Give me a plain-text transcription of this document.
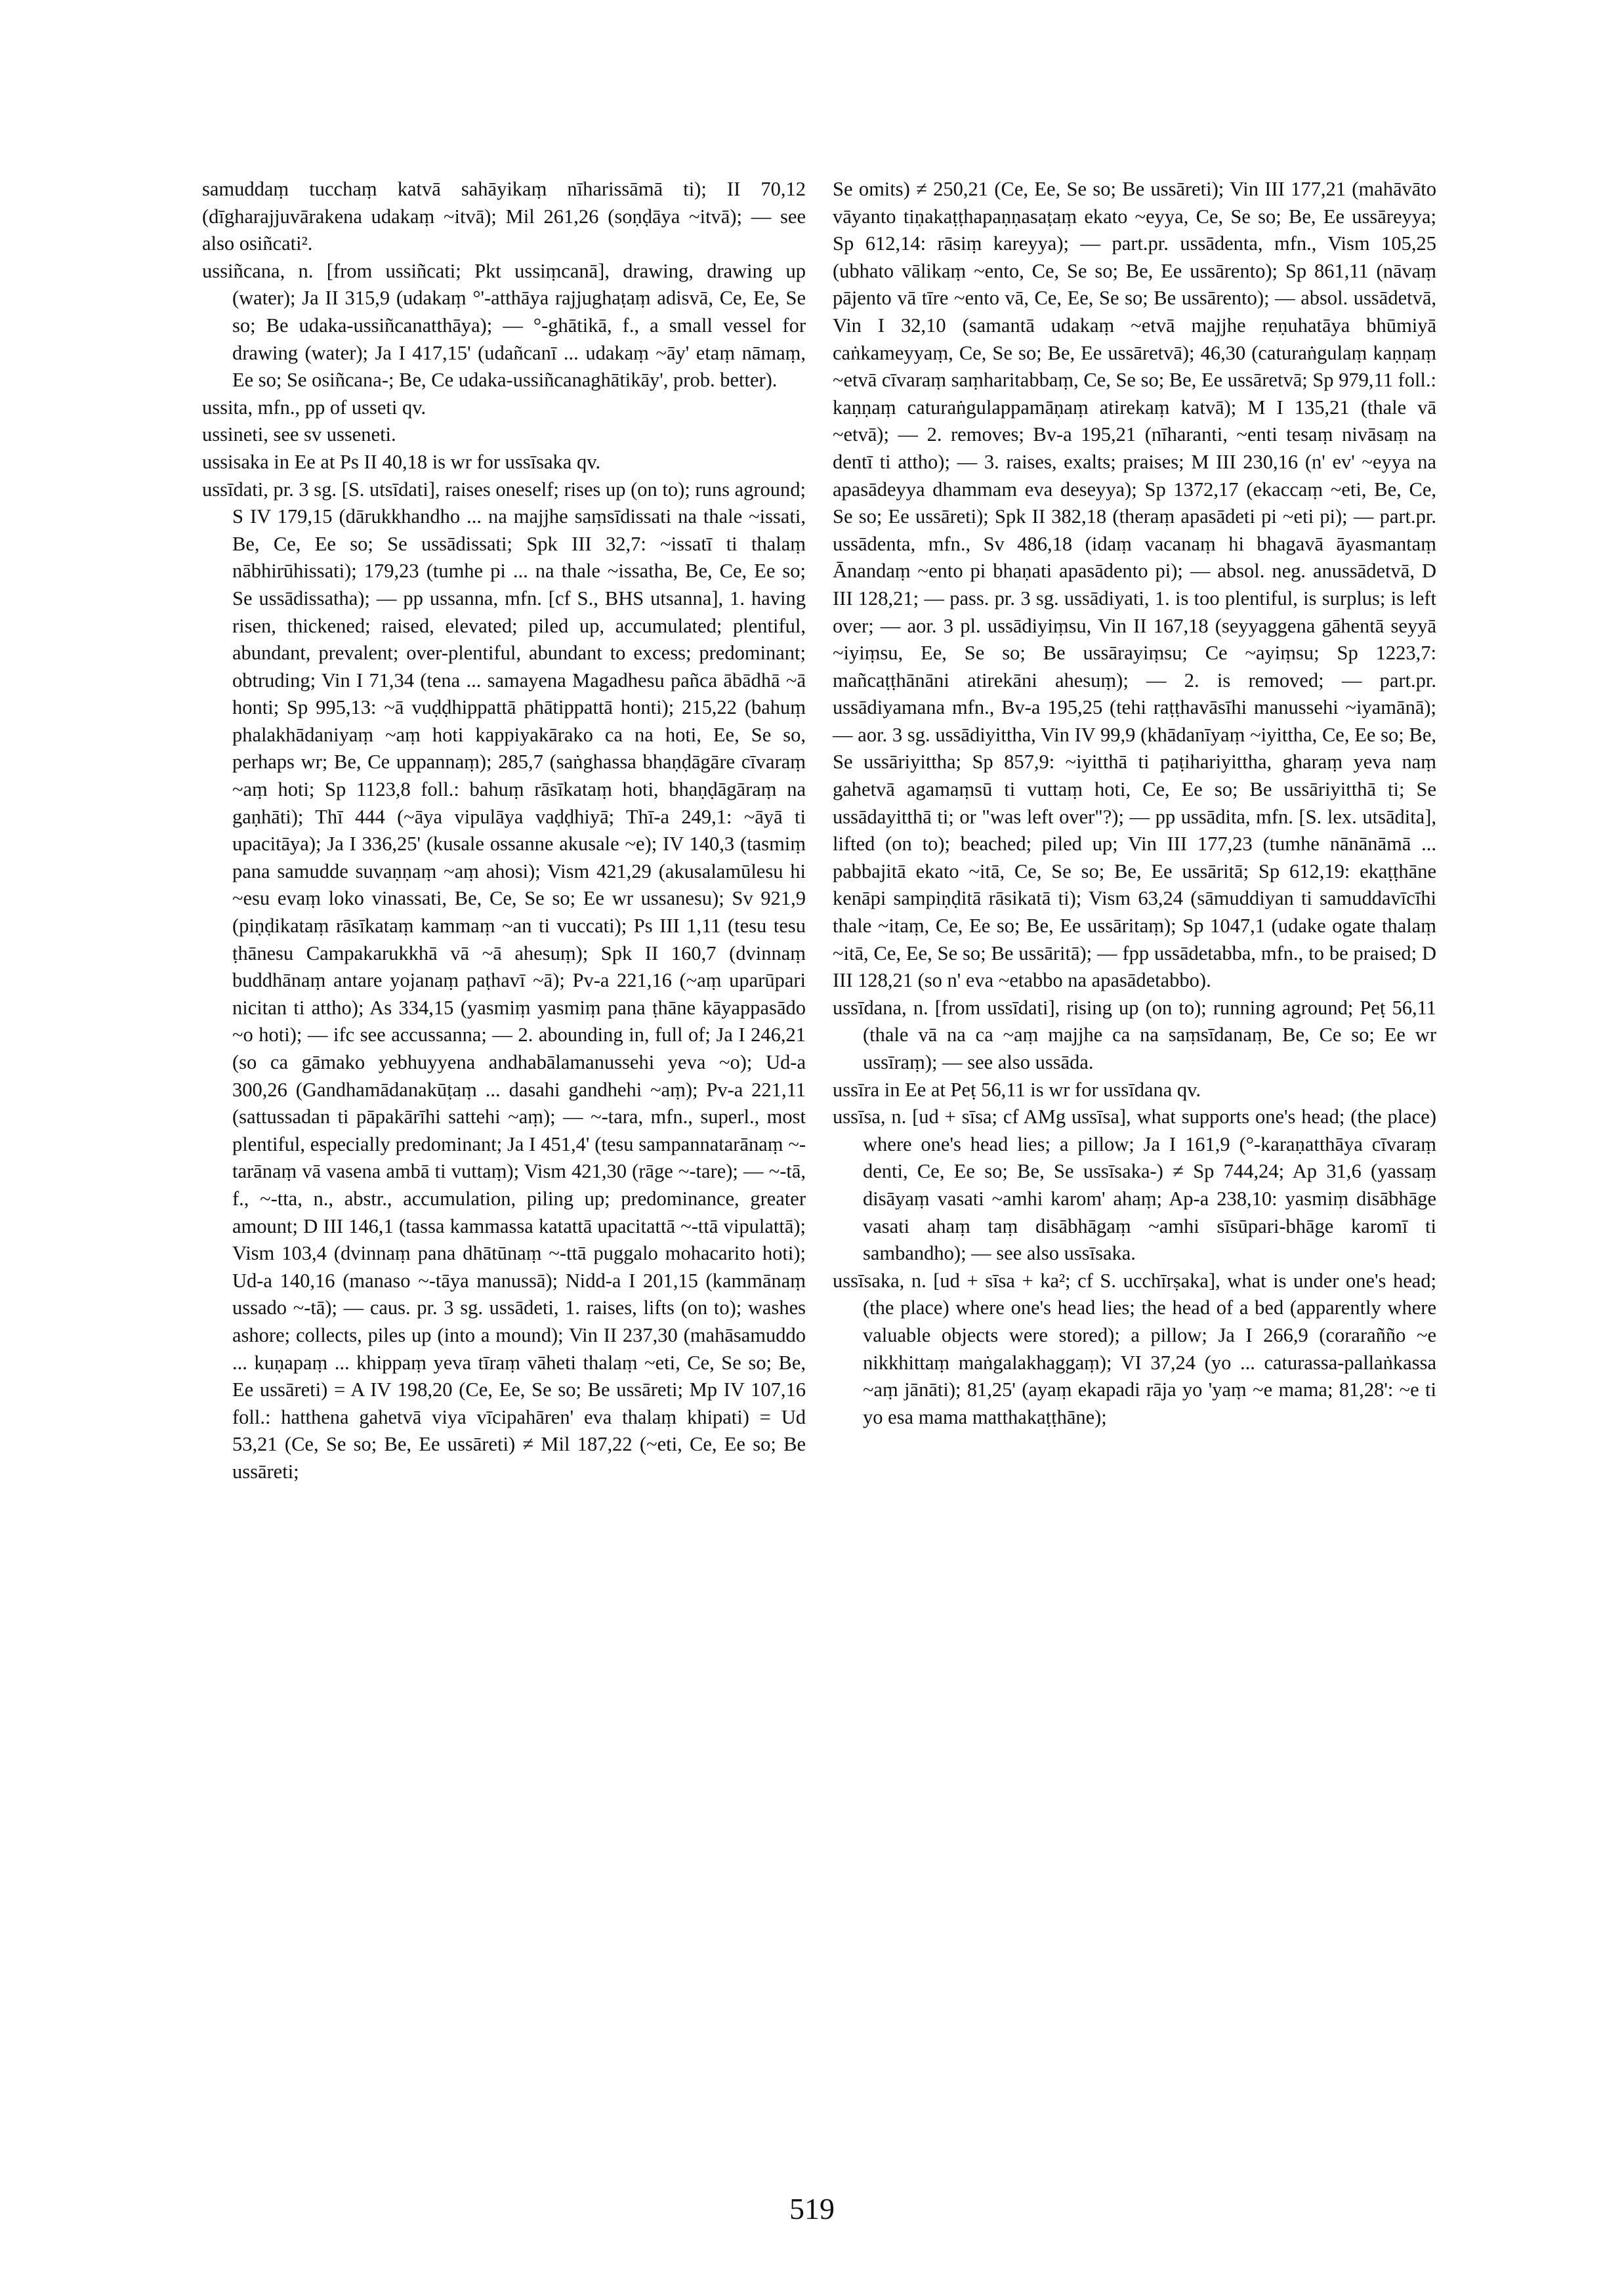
samuddaṃ tucchaṃ katvā sahāyikaṃ nīharissāmā ti); II 70,12 (dīgharajjuvārakena udakaṃ ~itvā); Mil 261,26 (soṇḍāya ~itvā); — see also osiñcati².

ussiñcana, n. [from ussiñcati; Pkt ussiṃcanā], drawing, drawing up (water); Ja II 315,9 (udakaṃ °'-atthāya rajjughaṭaṃ adisvā, Ce, Ee, Se so; Be udaka-ussiñcanatthāya); — °-ghātikā, f., a small vessel for drawing (water); Ja I 417,15' (udañcanī ... udakaṃ ~āy' etaṃ nāmaṃ, Ee so; Se osiñcana-; Be, Ce udaka-ussiñcanaghātikāy', prob. better).

ussita, mfn., pp of usseti qv.

ussineti, see sv usseneti.

ussisaka in Ee at Ps II 40,18 is wr for ussīsaka qv.

ussīdati, pr. 3 sg. [S. utsīdati], raises oneself; rises up (on to); runs aground; S IV 179,15 (dārukkhandho ... na majjhe saṃsīdissati na thale ~issati, Be, Ce, Ee so; Se ussādissati; Spk III 32,7: ~issatī ti thalaṃ nābhirūhissati); 179,23 (tumhe pi ... na thale ~issatha, Be, Ce, Ee so; Se ussādissatha); — pp ussanna, mfn. [cf S., BHS utsanna], 1. having risen, thickened; raised, elevated; piled up, accumulated; plentiful, abundant, prevalent; over-plentiful, abundant to excess; predominant; obtruding; Vin I 71,34 (tena ... samayena Magadhesu pañca ābādhā ~ā honti; Sp 995,13: ~ā vuḍḍhippattā phātippattā honti); 215,22 (bahuṃ phalakhādaniyaṃ ~aṃ hoti kappiyakārako ca na hoti, Ee, Se so, perhaps wr; Be, Ce uppannaṃ); 285,7 (saṅghassa bhaṇḍāgāre cīvaraṃ ~aṃ hoti; Sp 1123,8 foll.: bahuṃ rāsīkataṃ hoti, bhaṇḍāgāraṃ na gaṇhāti); Thī 444 (~āya vipulāya vaḍḍhiyā; Thī-a 249,1: ~āyā ti upacitāya); Ja I 336,25' (kusale ossanne akusale ~e); IV 140,3 (tasmiṃ pana samudde suvaṇṇaṃ ~aṃ ahosi); Vism 421,29 (akusalamūlesu hi ~esu evaṃ loko vinassati, Be, Ce, Se so; Ee wr ussanesu); Sv 921,9 (piṇḍikataṃ rāsīkataṃ kammaṃ ~an ti vuccati); Ps III 1,11 (tesu tesu ṭhānesu Campakarukkhā vā ~ā ahesuṃ); Spk II 160,7 (dvinnaṃ buddhānaṃ antare yojanaṃ paṭhavī ~ā); Pv-a 221,16 (~aṃ uparūpari nicitan ti attho); As 334,15 (yasmiṃ yasmiṃ pana ṭhāne kāyappasādo ~o hoti); — ifc see accussanna; — 2. abounding in, full of; Ja I 246,21 (so ca gāmako yebhuyyena andhabālamanussehi yeva ~o); Ud-a 300,26 (Gandhamādanakūṭaṃ ... dasahi gandhehi ~aṃ); Pv-a 221,11 (sattussadan ti pāpakārīhi sattehi ~aṃ); — ~-tara, mfn., superl., most plentiful, especially predominant; Ja I 451,4' (tesu sampannatarānaṃ ~-tarānaṃ vā vasena ambā ti vuttaṃ); Vism 421,30 (rāge ~-tare); — ~-tā, f., ~-tta, n., abstr., accumulation, piling up; predominance, greater amount; D III 146,1 (tassa kammassa katattā upacitattā ~-ttā vipulattā); Vism 103,4 (dvinnaṃ pana dhātūnaṃ ~-ttā puggalo mohacarito hoti); Ud-a 140,16 (manaso ~-tāya manussā); Nidd-a I 201,15 (kammānaṃ ussado ~-tā); — caus. pr. 3 sg. ussādeti, 1. raises, lifts (on to); washes ashore; collects, piles up (into a mound); Vin II 237,30 (mahāsamuddo ... kuṇapaṃ ... khippaṃ yeva tīraṃ vāheti thalaṃ ~eti, Ce, Se so; Be, Ee ussāreti) = A IV 198,20 (Ce, Ee, Se so; Be ussāreti; Mp IV 107,16 foll.: hatthena gahetvā viya vīcipahāren' eva thalaṃ khipati) = Ud 53,21 (Ce, Se so; Be, Ee ussāreti) ≠ Mil 187,22 (~eti, Ce, Ee so; Be ussāreti;

Se omits) ≠ 250,21 (Ce, Ee, Se so; Be ussāreti); Vin III 177,21 (mahāvāto vāyanto tiṇakaṭṭhapaṇṇasaṭaṃ ekato ~eyya, Ce, Se so; Be, Ee ussāreyya; Sp 612,14: rāsiṃ kareyya); — part.pr. ussādenta, mfn., Vism 105,25 (ubhato vālikaṃ ~ento, Ce, Se so; Be, Ee ussārento); Sp 861,11 (nāvaṃ pājento vā tīre ~ento vā, Ce, Ee, Se so; Be ussārento); — absol. ussādetvā, Vin I 32,10 (samantā udakaṃ ~etvā majjhe reṇuhatāya bhūmiyā caṅkameyyaṃ, Ce, Se so; Be, Ee ussāretvā); 46,30 (caturaṅgulaṃ kaṇṇaṃ ~etvā cīvaraṃ saṃharitabbaṃ, Ce, Se so; Be, Ee ussāretvā; Sp 979,11 foll.: kaṇṇaṃ caturaṅgulappamāṇaṃ atirekaṃ katvā); M I 135,21 (thale vā ~etvā); — 2. removes; Bv-a 195,21 (nīharanti, ~enti tesaṃ nivāsaṃ na dentī ti attho); — 3. raises, exalts; praises; M III 230,16 (n' ev' ~eyya na apasādeyya dhammam eva deseyya); Sp 1372,17 (ekaccaṃ ~eti, Be, Ce, Se so; Ee ussāreti); Spk II 382,18 (theraṃ apasādeti pi ~eti pi); — part.pr. ussādenta, mfn., Sv 486,18 (idaṃ vacanaṃ hi bhagavā āyasmantaṃ Ānandaṃ ~ento pi bhaṇati apasādento pi); — absol. neg. anussādetvā, D III 128,21; — pass. pr. 3 sg. ussādiyati, 1. is too plentiful, is surplus; is left over; — aor. 3 pl. ussādiyiṃsu, Vin II 167,18 (seyyaggena gāhentā seyyā ~iyiṃsu, Ee, Se so; Be ussārayiṃsu; Ce ~ayiṃsu; Sp 1223,7: mañcaṭṭhānāni atirekāni ahesuṃ); — 2. is removed; — part.pr. ussādiyamana mfn., Bv-a 195,25 (tehi raṭṭhavāsīhi manussehi ~iyamānā); — aor. 3 sg. ussādiyittha, Vin IV 99,9 (khādanīyaṃ ~iyittha, Ce, Ee so; Be, Se ussāriyittha; Sp 857,9: ~iyitthā ti paṭihariyittha, gharaṃ yeva naṃ gahetvā agamaṃsū ti vuttaṃ hoti, Ce, Ee so; Be ussāriyitthā ti; Se ussādayitthā ti; or "was left over"?); — pp ussādita, mfn. [S. lex. utsādita], lifted (on to); beached; piled up; Vin III 177,23 (tumhe nānānāmā ... pabbajitā ekato ~itā, Ce, Se so; Be, Ee ussāritā; Sp 612,19: ekaṭṭhāne kenāpi sampiṇḍitā rāsikatā ti); Vism 63,24 (sāmuddiyan ti samuddavīcīhi thale ~itaṃ, Ce, Ee so; Be, Ee ussāritaṃ); Sp 1047,1 (udake ogate thalaṃ ~itā, Ce, Ee, Se so; Be ussāritā); — fpp ussādetabba, mfn., to be praised; D III 128,21 (so n' eva ~etabbo na apasādetabbo).

ussīdana, n. [from ussīdati], rising up (on to); running aground; Peṭ 56,11 (thale vā na ca ~aṃ majjhe ca na saṃsīdanaṃ, Be, Ce so; Ee wr ussīraṃ); — see also ussāda.

ussīra in Ee at Peṭ 56,11 is wr for ussīdana qv.

ussīsa, n. [ud + sīsa; cf AMg ussīsa], what supports one's head; (the place) where one's head lies; a pillow; Ja I 161,9 (°-karaṇatthāya cīvaraṃ denti, Ce, Ee so; Be, Se ussīsaka-) ≠ Sp 744,24; Ap 31,6 (yassaṃ disāyaṃ vasati ~amhi karom' ahaṃ; Ap-a 238,10: yasmiṃ disābhāge vasati ahaṃ taṃ disābhāgaṃ ~amhi sīsūpari-bhāge karomī ti sambandho); — see also ussīsaka.

ussīsaka, n. [ud + sīsa + ka²; cf S. ucchīrṣaka], what is under one's head; (the place) where one's head lies; the head of a bed (apparently where valuable objects were stored); a pillow; Ja I 266,9 (corarañño ~e nikkhittaṃ maṅgalakhaggaṃ); VI 37,24 (yo ... caturassa-pallaṅkassa ~aṃ jānāti); 81,25' (ayaṃ ekapadi rāja yo 'yaṃ ~e mama; 81,28': ~e ti yo esa mama matthakaṭṭhāne);

519
